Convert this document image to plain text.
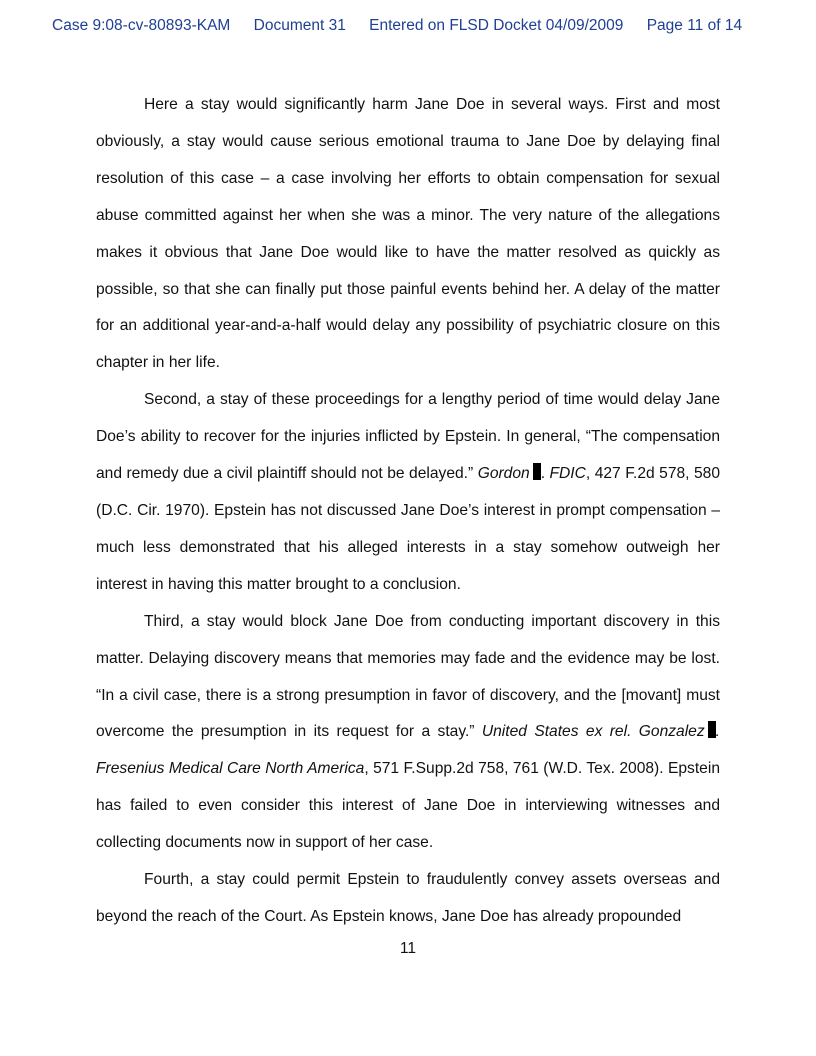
Case 9:08-cv-80893-KAM Document 31 Entered on FLSD Docket 04/09/2009 Page 11 of 14

Here a stay would significantly harm Jane Doe in several ways. First and most obviously, a stay would cause serious emotional trauma to Jane Doe by delaying final resolution of this case – a case involving her efforts to obtain compensation for sexual abuse committed against her when she was a minor. The very nature of the allegations makes it obvious that Jane Doe would like to have the matter resolved as quickly as possible, so that she can finally put those painful events behind her. A delay of the matter for an additional year-and-a-half would delay any possibility of psychiatric closure on this chapter in her life.

Second, a stay of these proceedings for a lengthy period of time would delay Jane Doe’s ability to recover for the injuries inflicted by Epstein. In general, “The compensation and remedy due a civil plaintiff should not be delayed.” Gordon . FDIC, 427 F.2d 578, 580 (D.C. Cir. 1970). Epstein has not discussed Jane Doe’s interest in prompt compensation – much less demonstrated that his alleged interests in a stay somehow outweigh her interest in having this matter brought to a conclusion.

Third, a stay would block Jane Doe from conducting important discovery in this matter. Delaying discovery means that memories may fade and the evidence may be lost. “In a civil case, there is a strong presumption in favor of discovery, and the [movant] must overcome the presumption in its request for a stay.” United States ex rel. Gonzalez . Fresenius Medical Care North America, 571 F.Supp.2d 758, 761 (W.D. Tex. 2008). Epstein has failed to even consider this interest of Jane Doe in interviewing witnesses and collecting documents now in support of her case.

Fourth, a stay could permit Epstein to fraudulently convey assets overseas and beyond the reach of the Court. As Epstein knows, Jane Doe has already propounded

11
